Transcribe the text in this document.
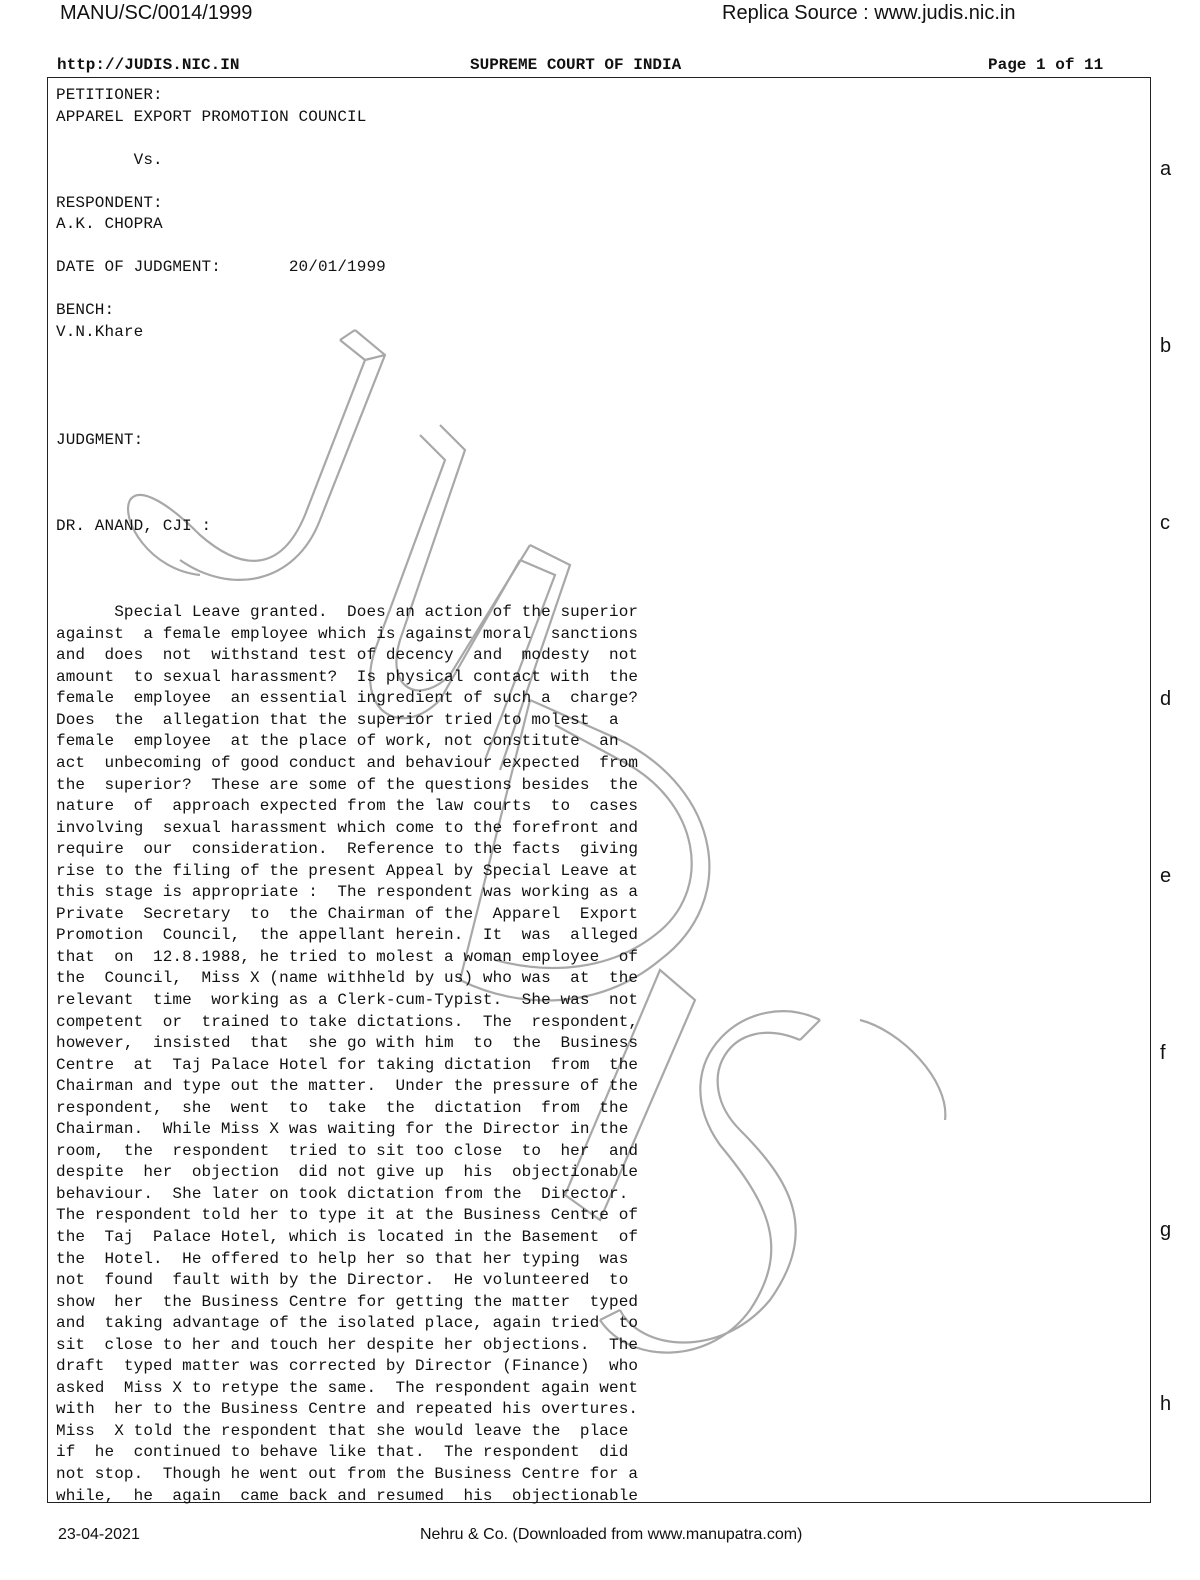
MANU/SC/0014/1999	Replica Source : www.judis.nic.in
http://JUDIS.NIC.IN	SUPREME COURT OF INDIA	Page 1 of 11
PETITIONER:
APPAREL EXPORT PROMOTION COUNCIL
Vs.
RESPONDENT:
A.K. CHOPRA
DATE OF JUDGMENT:       20/01/1999
BENCH:
V.N.Khare
JUDGMENT:
DR. ANAND, CJI :
Special Leave granted.  Does an action of the superior
against  a female employee which is against moral  sanctions
and  does  not  withstand test of decency  and  modesty  not
amount  to sexual harassment?  Is physical contact with  the
female  employee  an essential ingredient of such a  charge?
Does  the  allegation that the superior tried to molest  a
female  employee  at the place of work, not constitute  an
act  unbecoming of good conduct and behaviour expected  from
the  superior?  These are some of the questions besides  the
nature  of  approach expected from the law courts  to  cases
involving  sexual harassment which come to the forefront and
require  our  consideration.  Reference to the facts  giving
rise to the filing of the present Appeal by Special Leave at
this stage is appropriate :  The respondent was working as a
Private  Secretary  to  the Chairman of the  Apparel  Export
Promotion  Council,  the appellant herein.  It  was  alleged
that  on  12.8.1988, he tried to molest a woman employee  of
the  Council,  Miss X (name withheld by us) who was  at  the
relevant  time  working as a Clerk-cum-Typist.  She was  not
competent  or  trained to take dictations.  The  respondent,
however,  insisted  that  she go with him  to  the  Business
Centre  at  Taj Palace Hotel for taking dictation  from  the
Chairman and type out the matter.  Under the pressure of the
respondent,  she  went  to  take  the  dictation  from  the
Chairman.  While Miss X was waiting for the Director in the
room,  the  respondent  tried to sit too close  to  her  and
despite  her  objection  did not give up  his  objectionable
behaviour.  She later on took dictation from the  Director.
The respondent told her to type it at the Business Centre of
the  Taj  Palace Hotel, which is located in the Basement  of
the  Hotel.  He offered to help her so that her typing  was
not  found  fault with by the Director.  He volunteered  to
show  her  the Business Centre for getting the matter  typed
and  taking advantage of the isolated place, again tried  to
sit  close to her and touch her despite her objections.  The
draft  typed matter was corrected by Director (Finance)  who
asked  Miss X to retype the same.  The respondent again went
with  her to the Business Centre and repeated his overtures.
Miss  X told the respondent that she would leave the  place
if  he  continued to behave like that.  The respondent  did
not stop.  Though he went out from the Business Centre for a
while,  he  again  came back and resumed  his  objectionable
a
b
c
d
e
f
g
h
23-04-2021	Nehru & Co. (Downloaded from www.manupatra.com)
